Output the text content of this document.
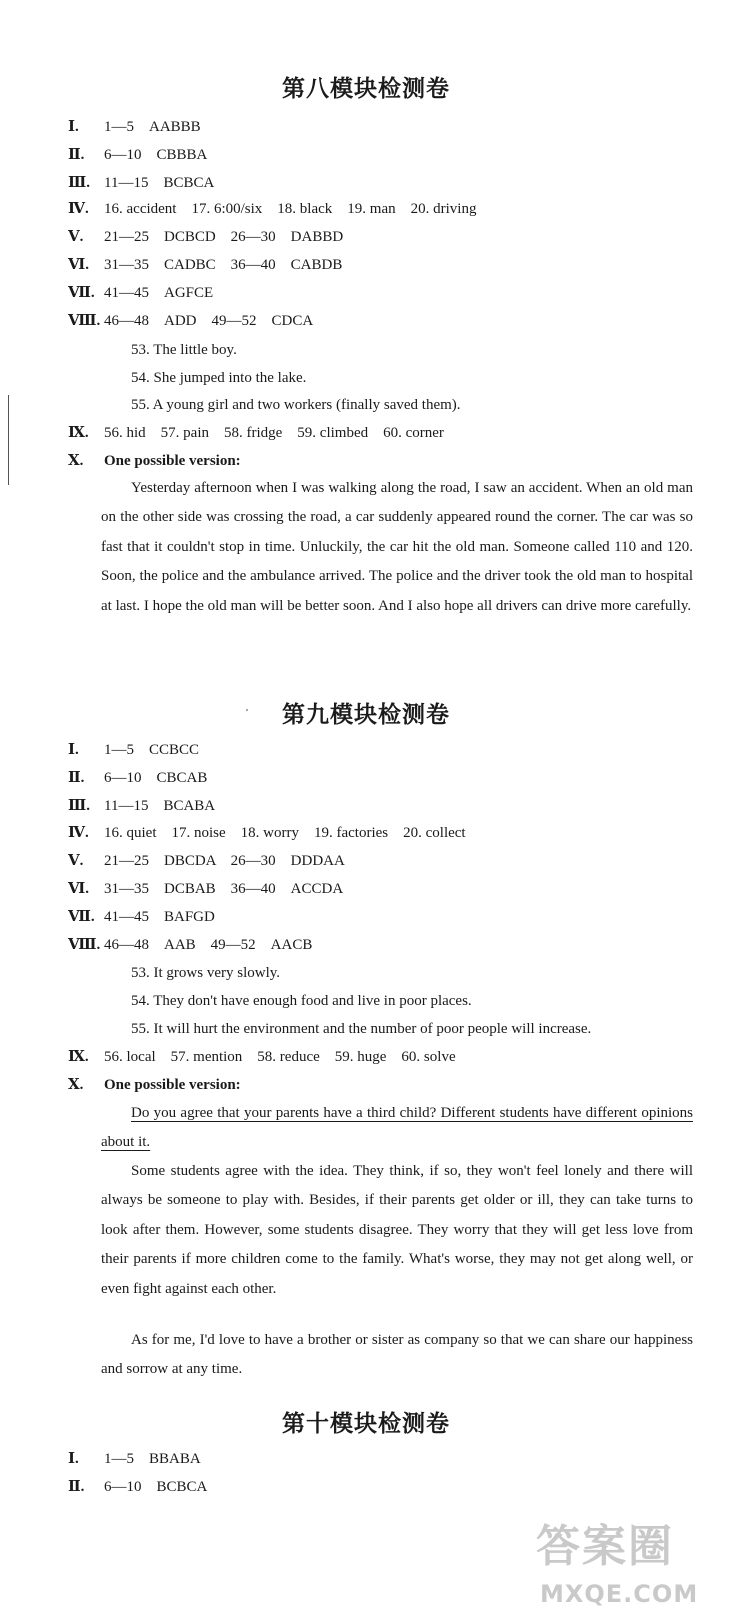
第八模块检测卷
Ⅰ. 1—5　AABBB
Ⅱ. 6—10　CBBBA
Ⅲ. 11—15　BCBCA
Ⅳ. 16. accident　17. 6:00/six　18. black　19. man　20. driving
Ⅴ. 21—25　DCBCD　26—30　DABBD
Ⅵ. 31—35　CADBC　36—40　CABDB
Ⅶ. 41—45　AGFCE
Ⅷ. 46—48　ADD　49—52　CDCA
53. The little boy.
54. She jumped into the lake.
55. A young girl and two workers (finally saved them).
Ⅸ. 56. hid　57. pain　58. fridge　59. climbed　60. corner
Ⅹ. One possible version:
Yesterday afternoon when I was walking along the road, I saw an accident. When an old man on the other side was crossing the road, a car suddenly appeared round the corner. The car was so fast that it couldn't stop in time. Unluckily, the car hit the old man. Someone called 110 and 120. Soon, the police and the ambulance arrived. The police and the driver took the old man to hospital at last. I hope the old man will be better soon. And I also hope all drivers can drive more carefully.
第九模块检测卷
Ⅰ. 1—5　CCBCC
Ⅱ. 6—10　CBCAB
Ⅲ. 11—15　BCABA
Ⅳ. 16. quiet　17. noise　18. worry　19. factories　20. collect
Ⅴ. 21—25　DBCDA　26—30　DDDAA
Ⅵ. 31—35　DCBAB　36—40　ACCDA
Ⅶ. 41—45　BAFGD
Ⅷ. 46—48　AAB　49—52　AACB
53. It grows very slowly.
54. They don't have enough food and live in poor places.
55. It will hurt the environment and the number of poor people will increase.
Ⅸ. 56. local　57. mention　58. reduce　59. huge　60. solve
Ⅹ. One possible version:
Do you agree that your parents have a third child? Different students have different opinions about it.
Some students agree with the idea. They think, if so, they won't feel lonely and there will always be someone to play with. Besides, if their parents get older or ill, they can take turns to look after them. However, some students disagree. They worry that they will get less love from their parents if more children come to the family. What's worse, they may not get along well, or even fight against each other.
As for me, I'd love to have a brother or sister as company so that we can share our happiness and sorrow at any time.
第十模块检测卷
Ⅰ. 1—5　BBABA
Ⅱ. 6—10　BCBCA
答案圈
MXQE.COM
